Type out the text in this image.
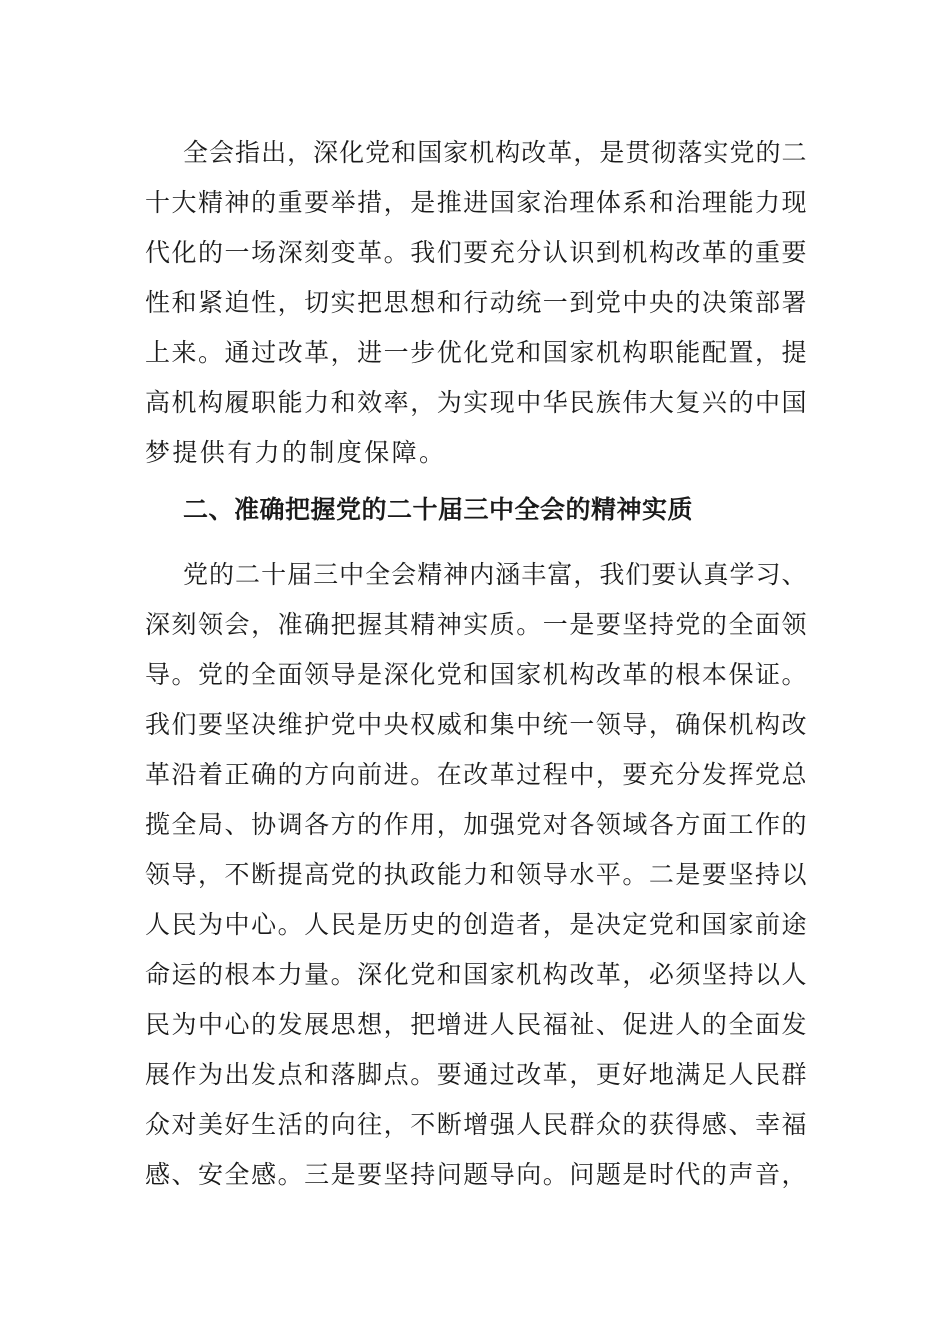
全会指出，深化党和国家机构改革，是贯彻落实党的二
十大精神的重要举措，是推进国家治理体系和治理能力现
代化的一场深刻变革。我们要充分认识到机构改革的重要
性和紧迫性，切实把思想和行动统一到党中央的决策部署
上来。通过改革，进一步优化党和国家机构职能配置，提
高机构履职能力和效率，为实现中华民族伟大复兴的中国
梦提供有力的制度保障。
二、准确把握党的二十届三中全会的精神实质
党的二十届三中全会精神内涵丰富，我们要认真学习、
深刻领会，准确把握其精神实质。一是要坚持党的全面领
导。党的全面领导是深化党和国家机构改革的根本保证。
我们要坚决维护党中央权威和集中统一领导，确保机构改
革沿着正确的方向前进。在改革过程中，要充分发挥党总
揽全局、协调各方的作用，加强党对各领域各方面工作的
领导，不断提高党的执政能力和领导水平。二是要坚持以
人民为中心。人民是历史的创造者，是决定党和国家前途
命运的根本力量。深化党和国家机构改革，必须坚持以人
民为中心的发展思想，把增进人民福祉、促进人的全面发
展作为出发点和落脚点。要通过改革，更好地满足人民群
众对美好生活的向往，不断增强人民群众的获得感、幸福
感、安全感。三是要坚持问题导向。问题是时代的声音，
